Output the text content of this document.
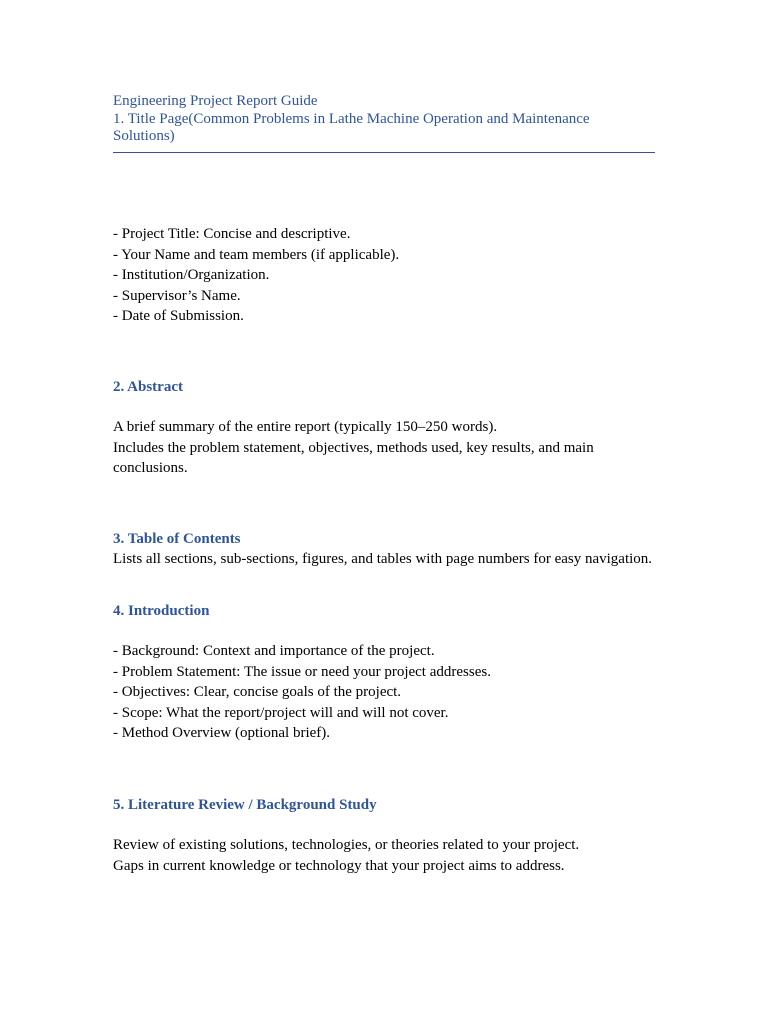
Engineering Project Report Guide
1. Title Page(Common Problems in Lathe Machine Operation and Maintenance
Solutions)
- Project Title: Concise and descriptive.
- Your Name and team members (if applicable).
- Institution/Organization.
- Supervisor’s Name.
- Date of Submission.
2. Abstract
A brief summary of the entire report (typically 150–250 words).
Includes the problem statement, objectives, methods used, key results, and main
conclusions.
3. Table of Contents
Lists all sections, sub-sections, figures, and tables with page numbers for easy navigation.
4. Introduction
- Background: Context and importance of the project.
- Problem Statement: The issue or need your project addresses.
- Objectives: Clear, concise goals of the project.
- Scope: What the report/project will and will not cover.
- Method Overview (optional brief).
5. Literature Review / Background Study
Review of existing solutions, technologies, or theories related to your project.
Gaps in current knowledge or technology that your project aims to address.
